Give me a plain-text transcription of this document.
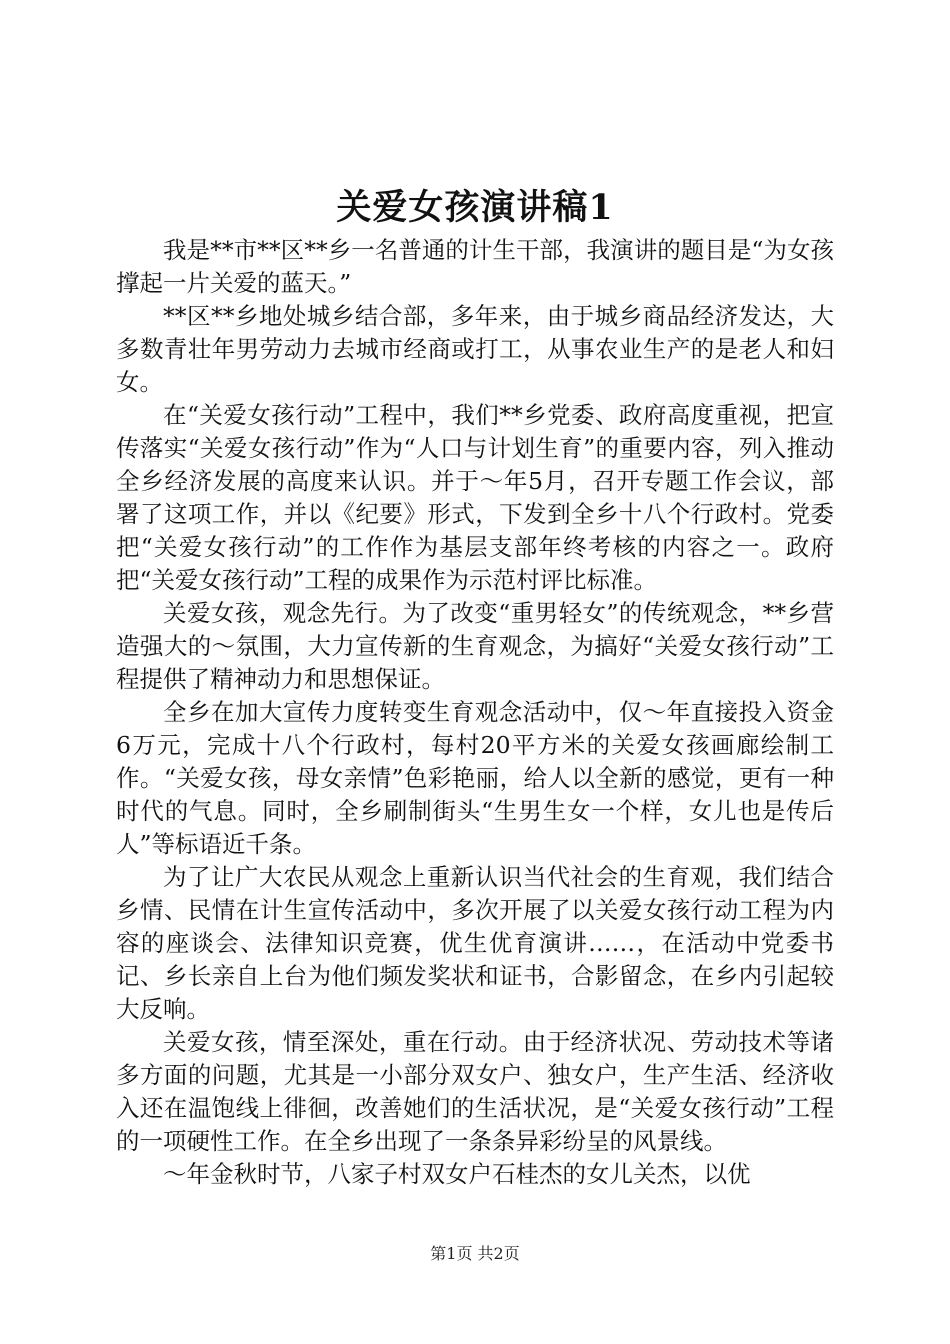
关爱女孩演讲稿1

我是**市**区**乡一名普通的计生干部，我演讲的题目是“为女孩撑起一片关爱的蓝天。”

**区**乡地处城乡结合部，多年来，由于城乡商品经济发达，大多数青壮年男劳动力去城市经商或打工，从事农业生产的是老人和妇女。

在“关爱女孩行动”工程中，我们**乡党委、政府高度重视，把宣传落实“关爱女孩行动”作为“人口与计划生育”的重要内容，列入推动全乡经济发展的高度来认识。并于～年5月，召开专题工作会议，部署了这项工作，并以《纪要》形式，下发到全乡十八个行政村。党委把“关爱女孩行动”的工作作为基层支部年终考核的内容之一。政府把“关爱女孩行动”工程的成果作为示范村评比标准。

关爱女孩，观念先行。为了改变“重男轻女”的传统观念，**乡营造强大的～氛围，大力宣传新的生育观念，为搞好“关爱女孩行动”工程提供了精神动力和思想保证。

全乡在加大宣传力度转变生育观念活动中，仅～年直接投入资金6万元，完成十八个行政村，每村20平方米的关爱女孩画廊绘制工作。“关爱女孩，母女亲情”色彩艳丽，给人以全新的感觉，更有一种时代的气息。同时，全乡刷制街头“生男生女一个样，女儿也是传后人”等标语近千条。

为了让广大农民从观念上重新认识当代社会的生育观，我们结合乡情、民情在计生宣传活动中，多次开展了以关爱女孩行动工程为内容的座谈会、法律知识竞赛，优生优育演讲……，在活动中党委书记、乡长亲自上台为他们频发奖状和证书，合影留念，在乡内引起较大反响。

关爱女孩，情至深处，重在行动。由于经济状况、劳动技术等诸多方面的问题，尤其是一小部分双女户、独女户，生产生活、经济收入还在温饱线上徘徊，改善她们的生活状况，是“关爱女孩行动”工程的一项硬性工作。在全乡出现了一条条异彩纷呈的风景线。

～年金秋时节，八家子村双女户石桂杰的女儿关杰，以优

第1页 共2页
